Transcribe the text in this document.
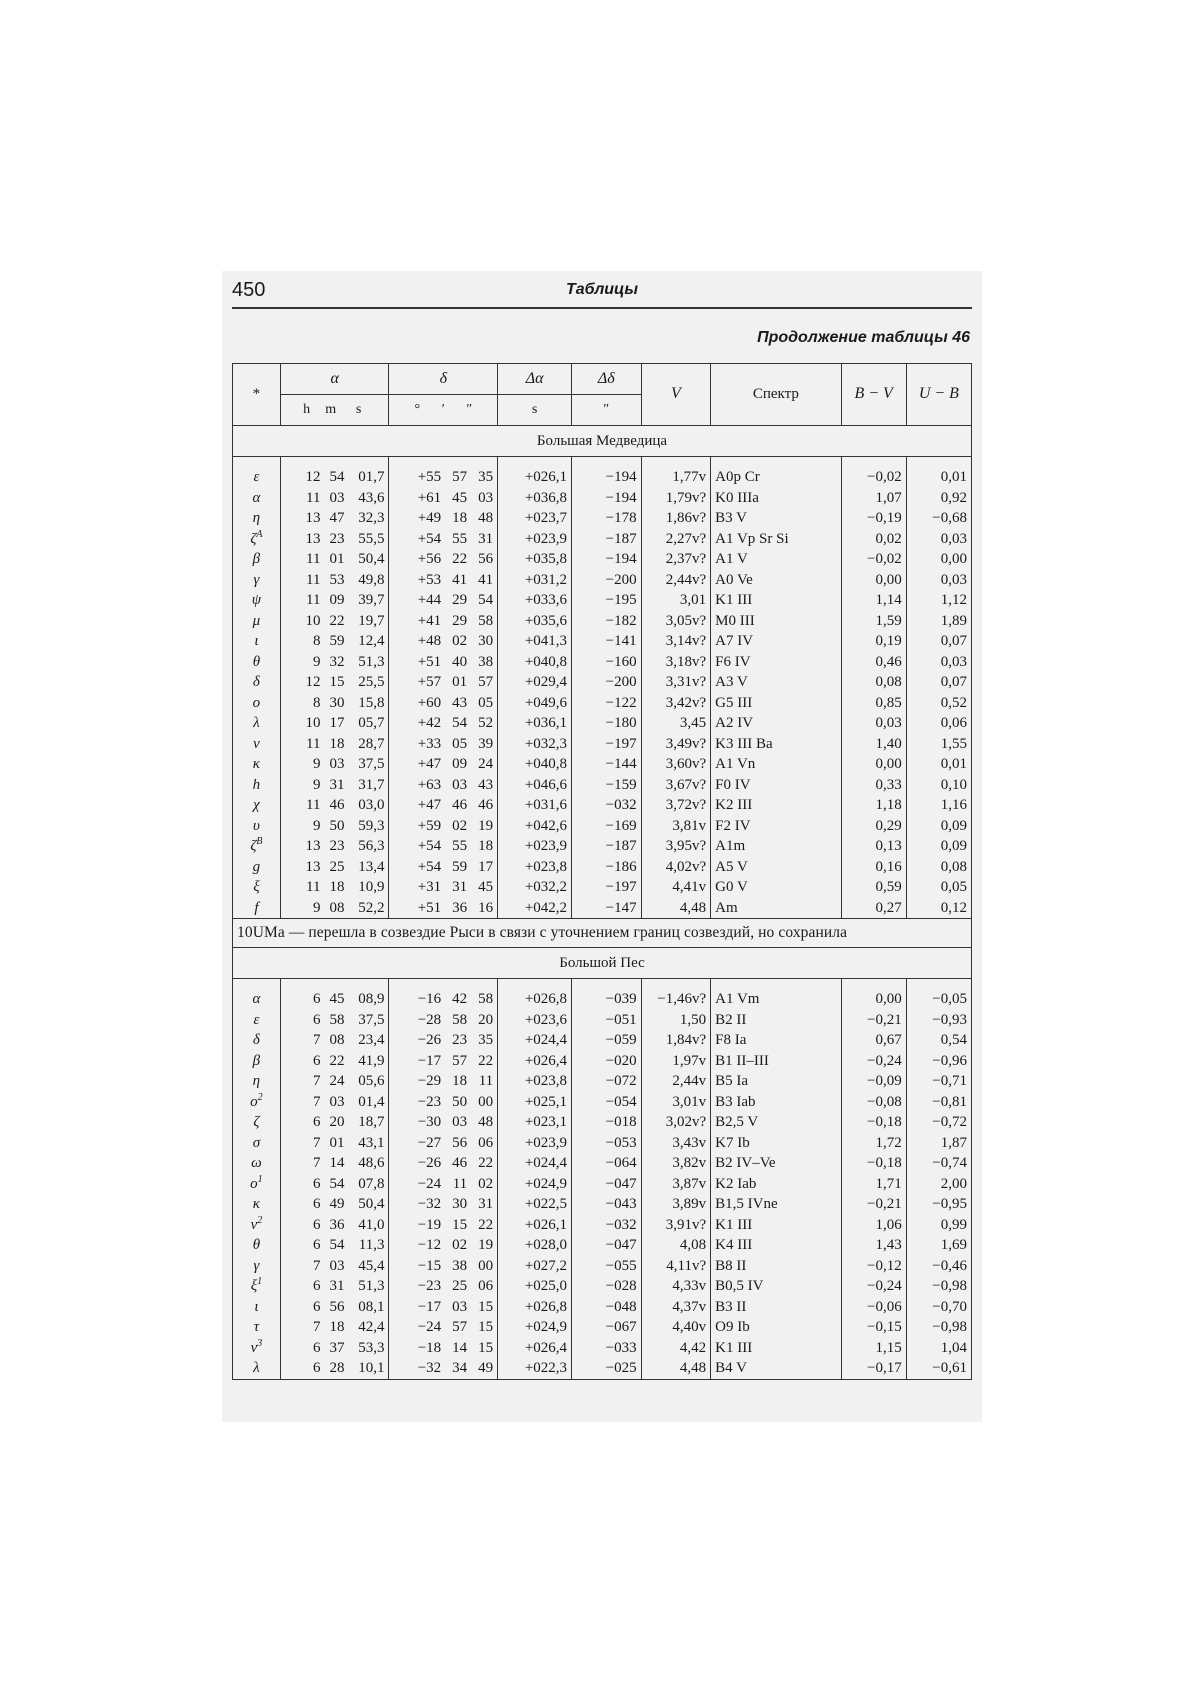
450	Таблицы
Продолжение таблицы 46
*	α	δ	Δα	Δδ	V	Спектр	B − V	U − B
	h m s	° ′ ″	s	″				
Большая Медведица								

ε	12 54 01,7	+55 57 35	+026,1	−194	1,77v	A0p Cr	−0,02	0,01
α	11 03 43,6	+61 45 03	+036,8	−194	1,79v?	K0 IIIa	1,07	0,92
η	13 47 32,3	+49 18 48	+023,7	−178	1,86v?	B3 V	−0,19	−0,68
$\zeta^A$	13 23 55,5	+54 55 31	+023,9	−187	2,27v?	A1 Vp Sr Si	0,02	0,03
β	11 01 50,4	+56 22 56	+035,8	−194	2,37v?	A1 V	−0,02	0,00
γ	11 53 49,8	+53 41 41	+031,2	−200	2,44v?	A0 Ve	0,00	0,03
ψ	11 09 39,7	+44 29 54	+033,6	−195	3,01	K1 III	1,14	1,12
μ	10 22 19,7	+41 29 58	+035,6	−182	3,05v?	M0 III	1,59	1,89
ι	8 59 12,4	+48 02 30	+041,3	−141	3,14v?	A7 IV	0,19	0,07
θ	9 32 51,3	+51 40 38	+040,8	−160	3,18v?	F6 IV	0,46	0,03
δ	12 15 25,5	+57 01 57	+029,4	−200	3,31v?	A3 V	0,08	0,07
ο	8 30 15,8	+60 43 05	+049,6	−122	3,42v?	G5 III	0,85	0,52
λ	10 17 05,7	+42 54 52	+036,1	−180	3,45	A2 IV	0,03	0,06
ν	11 18 28,7	+33 05 39	+032,3	−197	3,49v?	K3 III Ba	1,40	1,55
κ	9 03 37,5	+47 09 24	+040,8	−144	3,60v?	A1 Vn	0,00	0,01
h	9 31 31,7	+63 03 43	+046,6	−159	3,67v?	F0 IV	0,33	0,10
χ	11 46 03,0	+47 46 46	+031,6	−032	3,72v?	K2 III	1,18	1,16
υ	9 50 59,3	+59 02 19	+042,6	−169	3,81v	F2 IV	0,29	0,09
$\zeta^B$	13 23 56,3	+54 55 18	+023,9	−187	3,95v?	A1m	0,13	0,09
g	13 25 13,4	+54 59 17	+023,8	−186	4,02v?	A5 V	0,16	0,08
ξ	11 18 10,9	+31 31 45	+032,2	−197	4,41v	G0 V	0,59	0,05
f	9 08 52,2	+51 36 16	+042,2	−147	4,48	Am	0,27	0,12
10UMa — перешла в созвездие Рыси в связи с уточнением границ созвездий, но сохранила								
Большой Пес								

α	6 45 08,9	−16 42 58	+026,8	−039	−1,46v?	A1 Vm	0,00	−0,05
ε	6 58 37,5	−28 58 20	+023,6	−051	1,50	B2 II	−0,21	−0,93
δ	7 08 23,4	−26 23 35	+024,4	−059	1,84v?	F8 Ia	0,67	0,54
β	6 22 41,9	−17 57 22	+026,4	−020	1,97v	B1 II–III	−0,24	−0,96
η	7 24 05,6	−29 18 11	+023,8	−072	2,44v	B5 Ia	−0,09	−0,71
$o^2$	7 03 01,4	−23 50 00	+025,1	−054	3,01v	B3 Iab	−0,08	−0,81
ζ	6 20 18,7	−30 03 48	+023,1	−018	3,02v?	B2,5 V	−0,18	−0,72
σ	7 01 43,1	−27 56 06	+023,9	−053	3,43v	K7 Ib	1,72	1,87
ω	7 14 48,6	−26 46 22	+024,4	−064	3,82v	B2 IV–Ve	−0,18	−0,74
$o^1$	6 54 07,8	−24 11 02	+024,9	−047	3,87v	K2 Iab	1,71	2,00
κ	6 49 50,4	−32 30 31	+022,5	−043	3,89v	B1,5 IVne	−0,21	−0,95
$\nu^2$	6 36 41,0	−19 15 22	+026,1	−032	3,91v?	K1 III	1,06	0,99
θ	6 54 11,3	−12 02 19	+028,0	−047	4,08	K4 III	1,43	1,69
γ	7 03 45,4	−15 38 00	+027,2	−055	4,11v?	B8 II	−0,12	−0,46
$\xi^1$	6 31 51,3	−23 25 06	+025,0	−028	4,33v	B0,5 IV	−0,24	−0,98
ι	6 56 08,1	−17 03 15	+026,8	−048	4,37v	B3 II	−0,06	−0,70
τ	7 18 42,4	−24 57 15	+024,9	−067	4,40v	O9 Ib	−0,15	−0,98
$\nu^3$	6 37 53,3	−18 14 15	+026,4	−033	4,42	K1 III	1,15	1,04
λ	6 28 10,1	−32 34 49	+022,3	−025	4,48	B4 V	−0,17	−0,61
